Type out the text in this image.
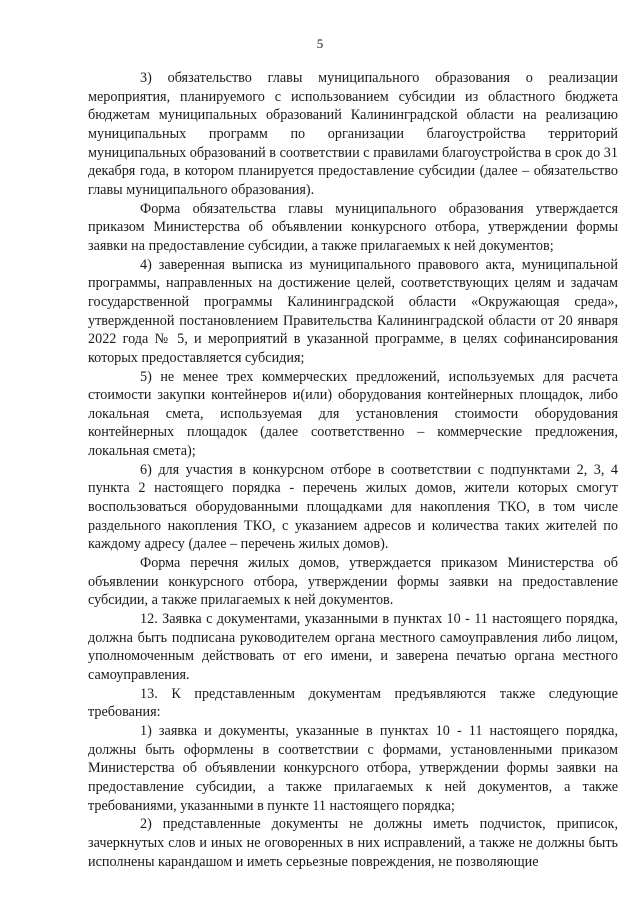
5

3) обязательство главы муниципального образования о реализации мероприятия, планируемого с использованием субсидии из областного бюджета бюджетам муниципальных образований Калининградской области на реализацию муниципальных программ по организации благоустройства территорий муниципальных образований в соответствии с правилами благоустройства в срок до 31 декабря года, в котором планируется предоставление субсидии (далее – обязательство главы муниципального образования).

Форма обязательства главы муниципального образования утверждается приказом Министерства об объявлении конкурсного отбора, утверждении формы заявки на предоставление субсидии, а также прилагаемых к ней документов;

4) заверенная выписка из муниципального правового акта, муниципальной программы, направленных на достижение целей, соответствующих целям и задачам государственной программы Калининградской области «Окружающая среда», утвержденной постановлением Правительства Калининградской области от 20 января 2022 года № 5, и мероприятий в указанной программе, в целях софинансирования которых предоставляется субсидия;

5) не менее трех коммерческих предложений, используемых для расчета стоимости закупки контейнеров и(или) оборудования контейнерных площадок, либо локальная смета, используемая для установления стоимости оборудования контейнерных площадок (далее соответственно – коммерческие предложения, локальная смета);

6) для участия в конкурсном отборе в соответствии с подпунктами 2, 3, 4 пункта 2 настоящего порядка - перечень жилых домов, жители которых смогут воспользоваться оборудованными площадками для накопления ТКО, в том числе раздельного накопления ТКО, с указанием адресов и количества таких жителей по каждому адресу (далее – перечень жилых домов).

Форма перечня жилых домов, утверждается приказом Министерства об объявлении конкурсного отбора, утверждении формы заявки на предоставление субсидии, а также прилагаемых к ней документов.

12. Заявка с документами, указанными в пунктах 10 - 11 настоящего порядка, должна быть подписана руководителем органа местного самоуправления либо лицом, уполномоченным действовать от его имени, и заверена печатью органа местного самоуправления.

13. К представленным документам предъявляются также следующие требования:

1) заявка и документы, указанные в пунктах 10 - 11 настоящего порядка, должны быть оформлены в соответствии с формами, установленными приказом Министерства об объявлении конкурсного отбора, утверждении формы заявки на предоставление субсидии, а также прилагаемых к ней документов, а также требованиями, указанными в пункте 11 настоящего порядка;

2) представленные документы не должны иметь подчисток, приписок, зачеркнутых слов и иных не оговоренных в них исправлений, а также не должны быть исполнены карандашом и иметь серьезные повреждения, не позволяющие
